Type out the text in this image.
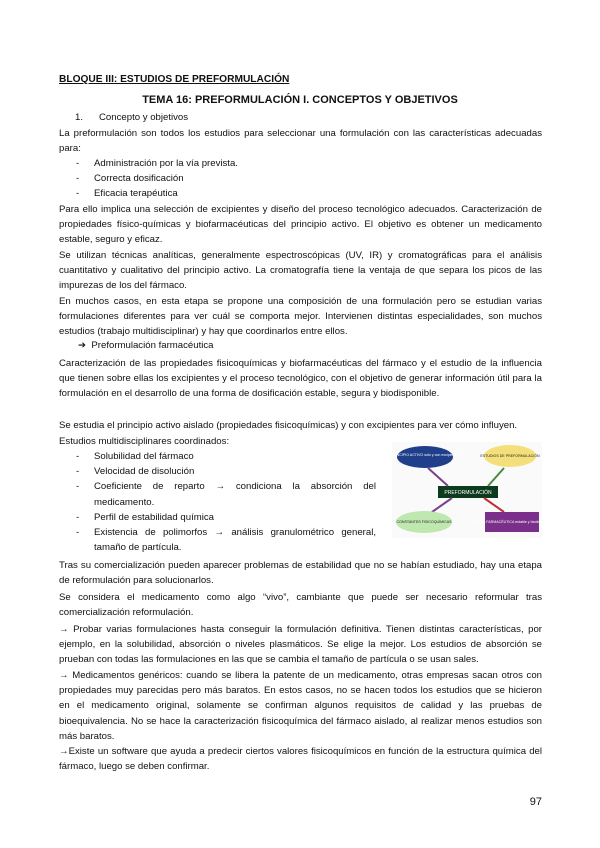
BLOQUE III: ESTUDIOS DE PREFORMULACIÓN
TEMA 16: PREFORMULACIÓN I. CONCEPTOS Y OBJETIVOS
1. Concepto y objetivos
La preformulación son todos los estudios para seleccionar una formulación con las características adecuadas para:
- Administración por la vía prevista.
- Correcta dosificación
- Eficacia terapéutica
Para ello implica una selección de excipientes y diseño del proceso tecnológico adecuados. Caracterización de propiedades físico-químicas y biofarmacéuticas del principio activo. El objetivo es obtener un medicamento estable, seguro y eficaz.
Se utilizan técnicas analíticas, generalmente espectroscópicas (UV, IR) y cromatográficas para el análisis cuantitativo y cualitativo del principio activo. La cromatografía tiene la ventaja de que separa los picos de las impurezas de los del fármaco.
En muchos casos, en esta etapa se propone una composición de una formulación pero se estudian varias formulaciones diferentes para ver cuál se comporta mejor. Intervienen distintas especialidades, son muchos estudios (trabajo multidisciplinar) y hay que coordinarlos entre ellos.
➔ Preformulación farmacéutica
Caracterización de las propiedades fisicoquímicas y biofarmacéuticas del fármaco y el estudio de la influencia que tienen sobre ellas los excipientes y el proceso tecnológico, con el objetivo de generar información útil para la formulación en el desarrollo de una forma de dosificación estable, segura y biodisponible.
Se estudia el principio activo aislado (propiedades fisicoquímicas) y con excipientes para ver cómo influyen.
Estudios multidisciplinares coordinados:
- Solubilidad del fármaco
- Velocidad de disolución
- Coeficiente de reparto → condiciona la absorción del medicamento.
- Perfil de estabilidad química
- Existencia de polimorfos → análisis granulométrico general, tamaño de partícula.
PRINCIPIO ACTIVO sólo y con excipientes	ESTUDIOS DE PREFORMULACIÓN
PREFORMULACIÓN
CONSTANTES FISICOQUÍMICAS	FORMA FARMACÉUTICA estable y biodisponible
Tras su comercialización pueden aparecer problemas de estabilidad que no se habían estudiado, hay una etapa de reformulación para solucionarlos.
Se considera el medicamento como algo “vivo”, cambiante que puede ser necesario reformular tras comercialización reformulación.
→ Probar varias formulaciones hasta conseguir la formulación definitiva. Tienen distintas características, por ejemplo, en la solubilidad, absorción o niveles plasmáticos. Se elige la mejor. Los estudios de absorción se prueban con todas las formulaciones en las que se cambia el tamaño de partícula o se usan sales.
→ Medicamentos genéricos: cuando se libera la patente de un medicamento, otras empresas sacan otros con propiedades muy parecidas pero más baratos. En estos casos, no se hacen todos los estudios que se hicieron en el medicamento original, solamente se confirman algunos requisitos de calidad y las pruebas de bioequivalencia. No se hace la caracterización fisicoquímica del fármaco aislado, al realizar menos estudios son más baratos.
→Existe un software que ayuda a predecir ciertos valores fisicoquímicos en función de la estructura química del fármaco, luego se deben confirmar.
97
